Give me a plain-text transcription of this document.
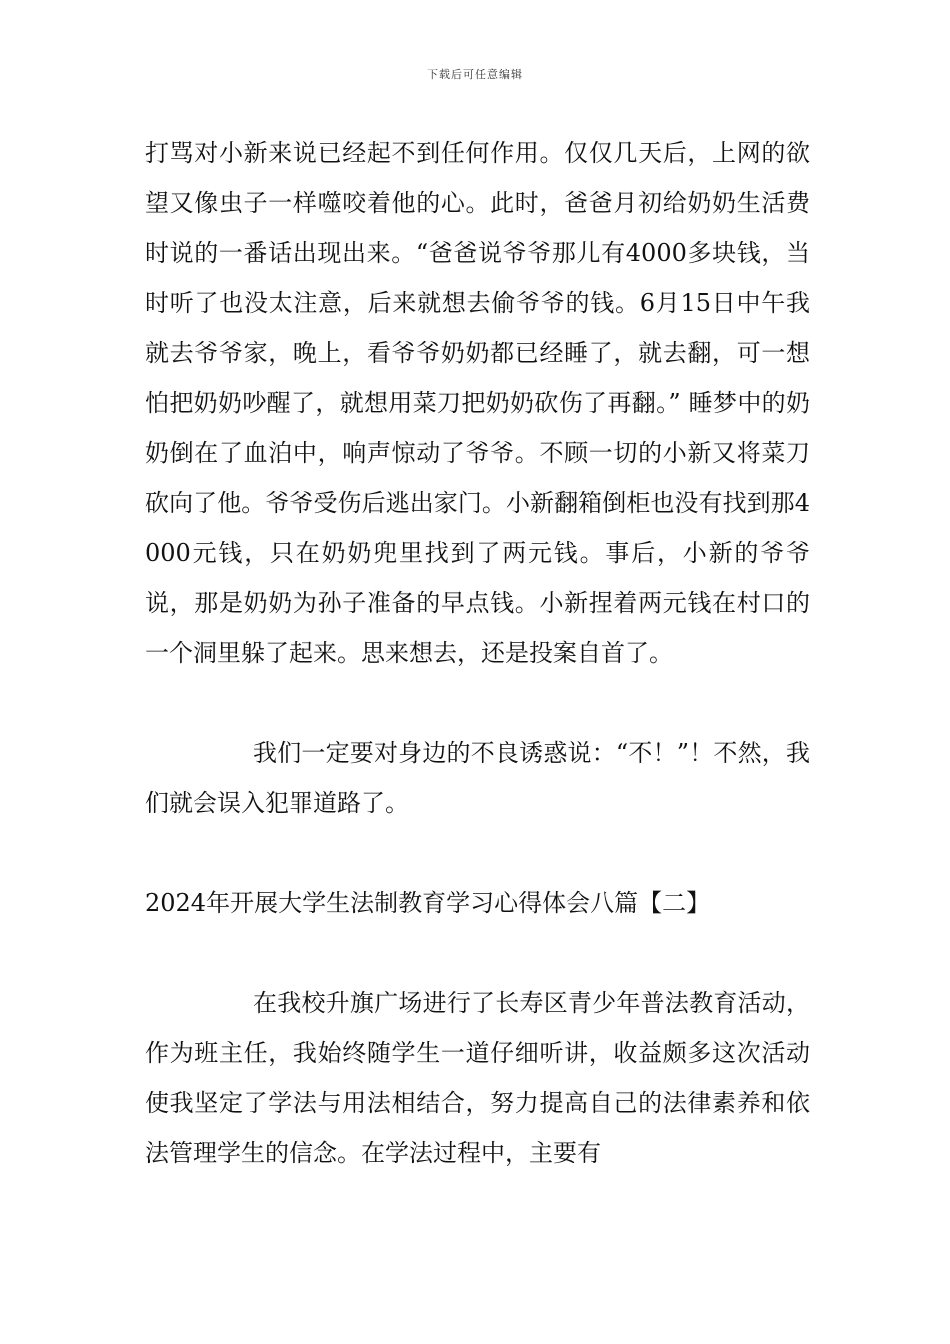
下载后可任意编辑

打骂对小新来说已经起不到任何作用。仅仅几天后，上网的欲望又像虫子一样噬咬着他的心。此时，爸爸月初给奶奶生活费时说的一番话出现出来。“爸爸说爷爷那儿有4000多块钱，当时听了也没太注意，后来就想去偷爷爷的钱。6月15日中午我就去爷爷家，晚上，看爷爷奶奶都已经睡了，就去翻，可一想怕把奶奶吵醒了，就想用菜刀把奶奶砍伤了再翻。” 睡梦中的奶奶倒在了血泊中，响声惊动了爷爷。不顾一切的小新又将菜刀砍向了他。爷爷受伤后逃出家门。小新翻箱倒柜也没有找到那4000元钱，只在奶奶兜里找到了两元钱。事后，小新的爷爷说，那是奶奶为孙子准备的早点钱。小新捏着两元钱在村口的一个洞里躲了起来。思来想去，还是投案自首了。

我们一定要对身边的不良诱惑说：“不！”！不然，我们就会误入犯罪道路了。

2024年开展大学生法制教育学习心得体会八篇【二】

在我校升旗广场进行了长寿区青少年普法教育活动，作为班主任，我始终随学生一道仔细听讲，收益颇多这次活动使我坚定了学法与用法相结合，努力提高自己的法律素养和依法管理学生的信念。在学法过程中，主要有
